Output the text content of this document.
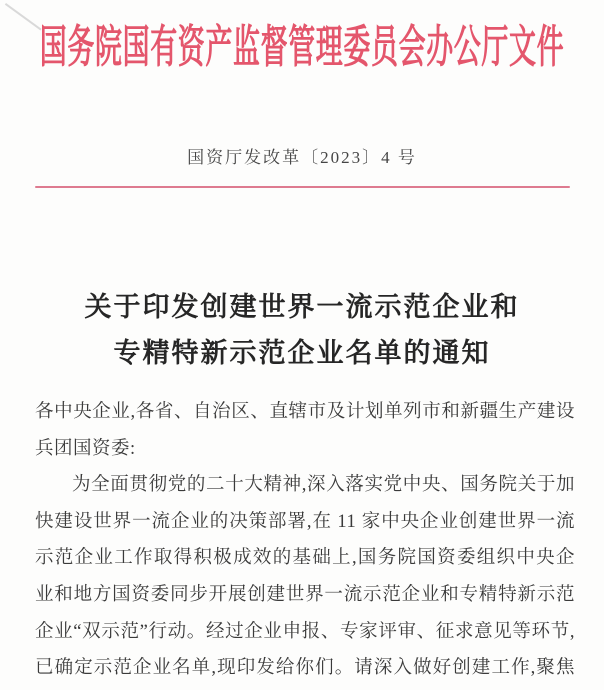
国务院国有资产监督管理委员会办公厅文件
国资厅发改革〔2023〕4 号
关于印发创建世界一流示范企业和
专精特新示范企业名单的通知
各中央企业,各省、自治区、直辖市及计划单列市和新疆生产建设
兵团国资委:
为全面贯彻党的二十大精神,深入落实党中央、国务院关于加
快建设世界一流企业的决策部署,在 11 家中央企业创建世界一流
示范企业工作取得积极成效的基础上,国务院国资委组织中央企
业和地方国资委同步开展创建世界一流示范企业和专精特新示范
企业“双示范”行动。经过企业申报、专家评审、征求意见等环节,
已确定示范企业名单,现印发给你们。请深入做好创建工作,聚焦
